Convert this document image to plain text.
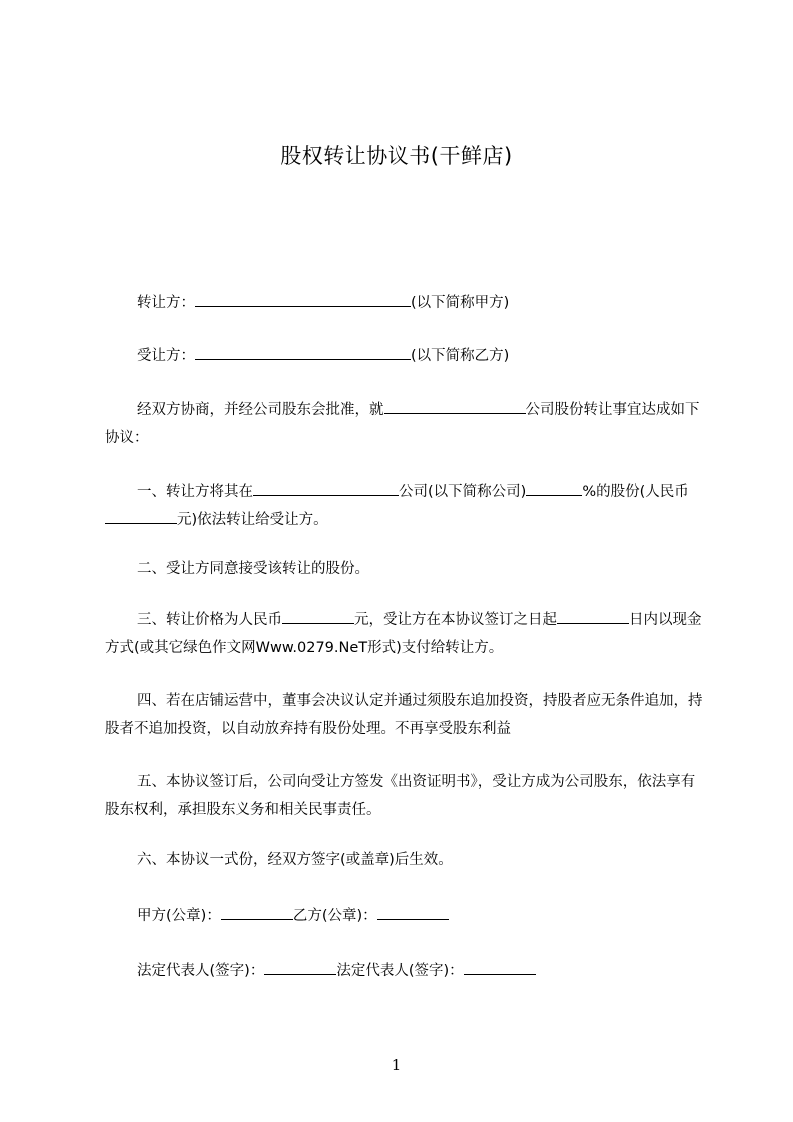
股权转让协议书(干鲜店)
转让方：	(以下简称甲方)
受让方：	(以下简称乙方)

经双方协商，并经公司股东会批准，就	公司股份转让事宜达成如下协议：

一、转让方将其在	公司(以下简称公司)	%的股份(人民币元)依法转让给受让方。

二、受让方同意接受该转让的股份。

三、转让价格为人民币	元，受让方在本协议签订之日起	日内以现金方式(或其它绿色作文网Www.0279.NeT形式)支付给转让方。

四、若在店铺运营中，董事会决议认定并通过须股东追加投资，持股者应无条件追加，持股者不追加投资，以自动放弃持有股份处理。不再享受股东利益

五、本协议签订后，公司向受让方签发《出资证明书》，受让方成为公司股东，依法享有股东权利，承担股东义务和相关民事责任。

六、本协议一式份，经双方签字(或盖章)后生效。
甲方(公章)：	乙方(公章)：
法定代表人(签字)：	法定代表人(签字)：
1
